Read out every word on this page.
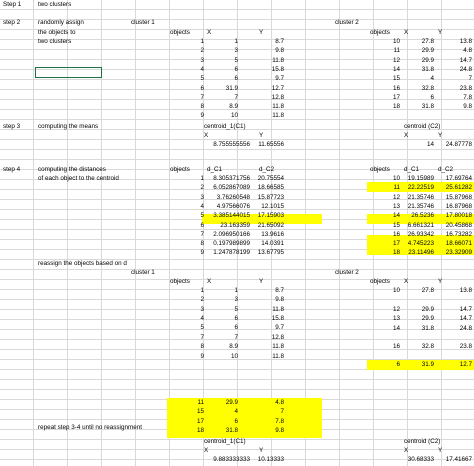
Step 1	two clusters
step 2	randomly assign
the objects to
two clusters
cluster 1	cluster 2
objects	X	Y	objects X	Y
1	1	8.7
2	3	9.8
3	5	11.8
4	6	15.8
5	6	9.7
6	31.9	12.7
7	7	12.8
8	8.9	11.8
9	10	11.8
10	27.8	13.8
11	29.9	4.8
12	29.9	14.7
14	31.8	24.8
15	4	7
16	32.8	23.8
17	6	7.8
18	31.8	9.8
step 3	computing the means	centroid_1(C1)	centroid (C2)
X	Y	X	Y
8.755555556	11.65556	14	24.87778
step 4	computing the distances
of each object to the centroid
objects	d_C1	d_C2	objects d_C1	d_C2
1	8.305371756	20.75554
2	6.052867089	18.66585
3	3.76260548	15.87723
4	4.97566076	12.1015
5	3.385144015	17.15903
6	23.163359	21.65092
7	2.096950166	13.9616
8	0.197989899	14.0391
9	1.247878199	13.67795
10	19.15989	17.69764
11	22.22519	25.61282
12	21.35746	15.87968
13	21.35746	16.87968
14	26.5236	17.80018
15	6.661321	20.45868
16	26.93342	16.73282
17	4.745223	18.66071
18	23.11496	23.32909
reassign the objects based on d
cluster 1	cluster 2
objects	X	Y	objects X	Y
1	1	8.7
2	3	9.8
3	5	11.8
4	6	15.8
5	6	9.7
7	7	12.8
8	8.9	11.8
9	10	11.8
11	29.9	4.8
15	4	7
17	6	7.8
18	31.8	9.8
10	27.8	13.8
12	29.9	14.7
13	29.9	14.7
14	31.8	24.8
16	32.8	23.8
6	31.9	12.7
repeat step 3-4 until no reassignment
centroid_1(C1)	centroid (C2)
X	Y	X	Y
9.883333333	10.13333	30.68333	17.41667
